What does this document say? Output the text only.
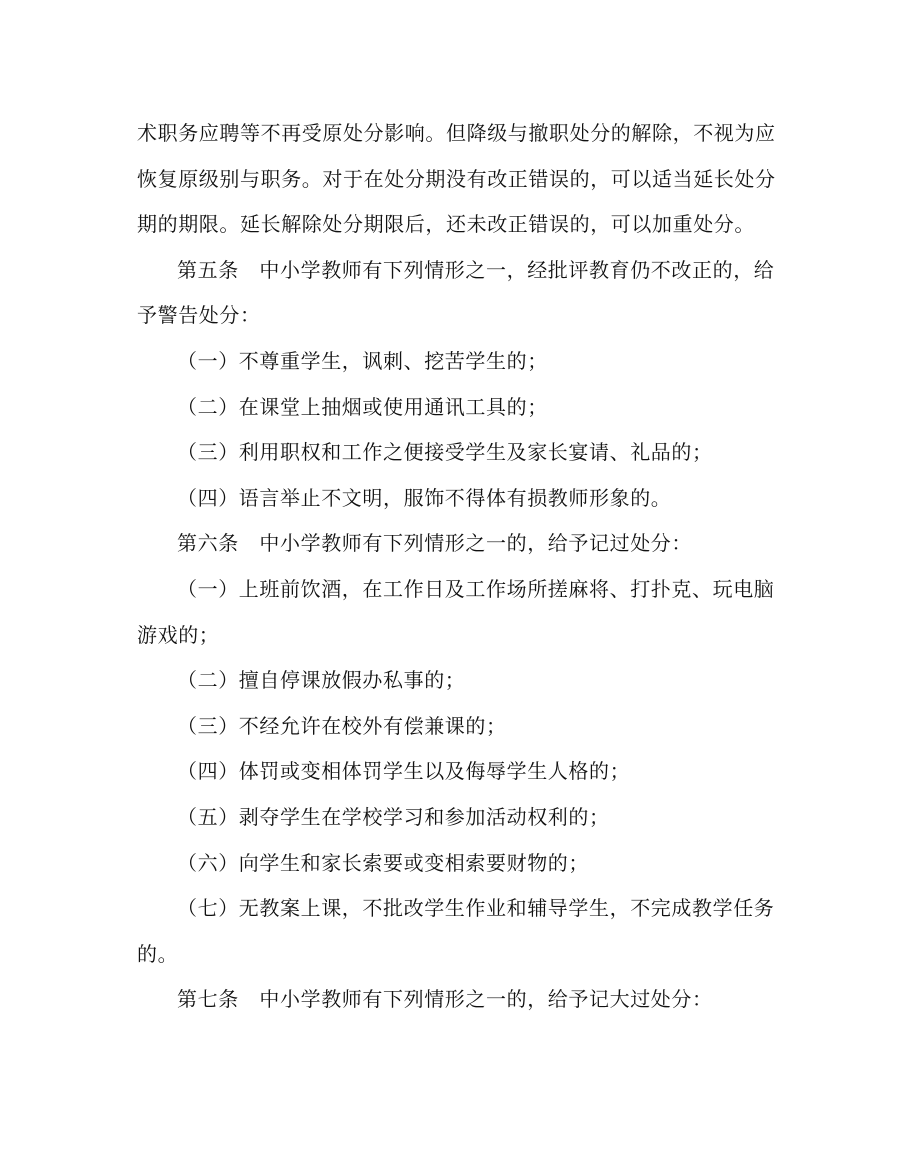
术职务应聘等不再受原处分影响。但降级与撤职处分的解除，不视为应
恢复原级别与职务。对于在处分期没有改正错误的，可以适当延长处分
期的期限。延长解除处分期限后，还未改正错误的，可以加重处分。
第五条　中小学教师有下列情形之一，经批评教育仍不改正的，给
予警告处分：
（一）不尊重学生，讽刺、挖苦学生的；
（二）在课堂上抽烟或使用通讯工具的；
（三）利用职权和工作之便接受学生及家长宴请、礼品的；
（四）语言举止不文明，服饰不得体有损教师形象的。
第六条　中小学教师有下列情形之一的，给予记过处分：
（一）上班前饮酒，在工作日及工作场所搓麻将、打扑克、玩电脑
游戏的；
（二）擅自停课放假办私事的；
（三）不经允许在校外有偿兼课的；
（四）体罚或变相体罚学生以及侮辱学生人格的；
（五）剥夺学生在学校学习和参加活动权利的；
（六）向学生和家长索要或变相索要财物的；
（七）无教案上课，不批改学生作业和辅导学生，不完成教学任务
的。
第七条　中小学教师有下列情形之一的，给予记大过处分：
